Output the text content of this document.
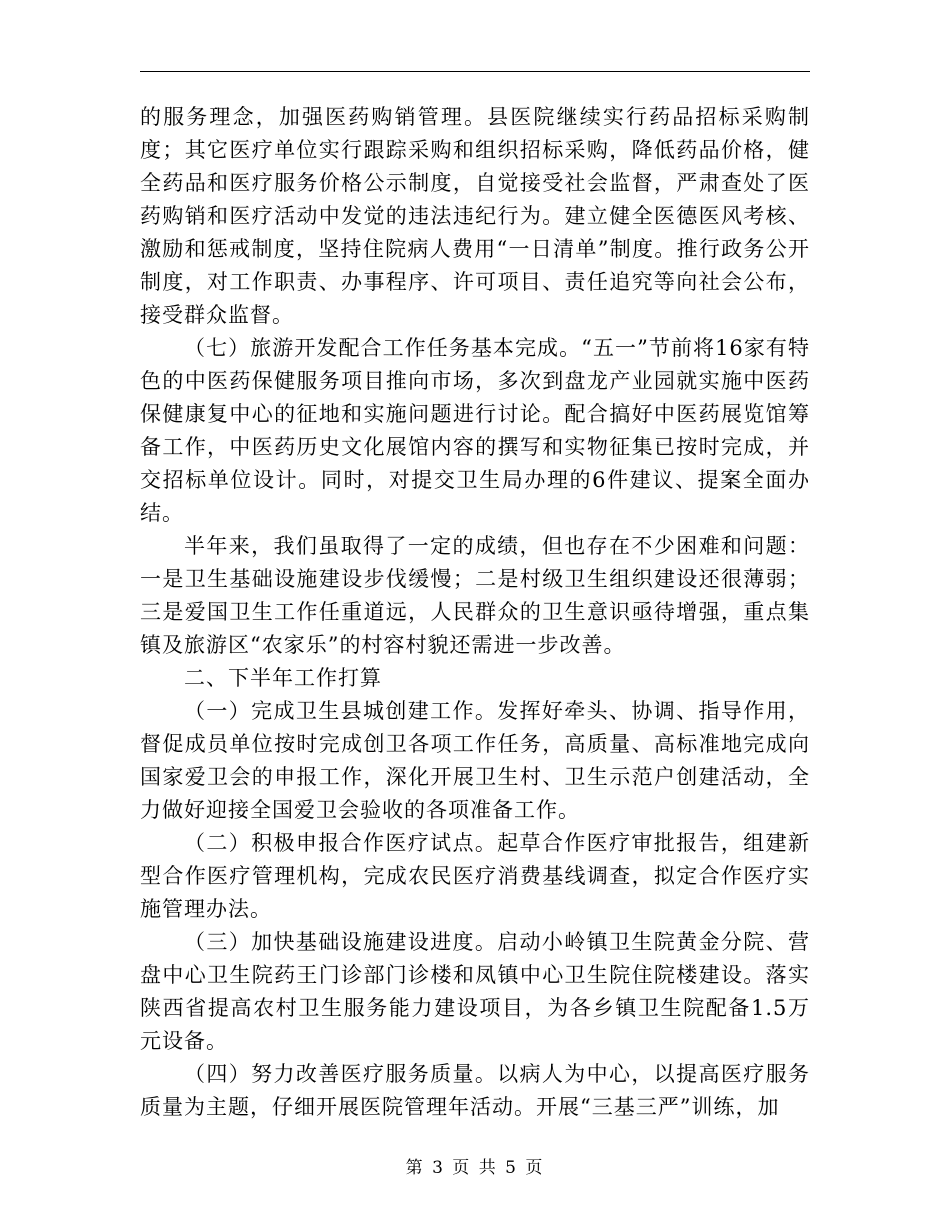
的服务理念，加强医药购销管理。县医院继续实行药品招标采购制度；其它医疗单位实行跟踪采购和组织招标采购，降低药品价格，健全药品和医疗服务价格公示制度，自觉接受社会监督，严肃查处了医药购销和医疗活动中发觉的违法违纪行为。建立健全医德医风考核、激励和惩戒制度，坚持住院病人费用“一日清单”制度。推行政务公开制度，对工作职责、办事程序、许可项目、责任追究等向社会公布，接受群众监督。

（七）旅游开发配合工作任务基本完成。“五一”节前将16家有特色的中医药保健服务项目推向市场，多次到盘龙产业园就实施中医药保健康复中心的征地和实施问题进行讨论。配合搞好中医药展览馆筹备工作，中医药历史文化展馆内容的撰写和实物征集已按时完成，并交招标单位设计。同时，对提交卫生局办理的6件建议、提案全面办结。

半年来，我们虽取得了一定的成绩，但也存在不少困难和问题：一是卫生基础设施建设步伐缓慢；二是村级卫生组织建设还很薄弱；三是爱国卫生工作任重道远，人民群众的卫生意识亟待增强，重点集镇及旅游区“农家乐”的村容村貌还需进一步改善。

二、下半年工作打算

（一）完成卫生县城创建工作。发挥好牵头、协调、指导作用，督促成员单位按时完成创卫各项工作任务，高质量、高标准地完成向国家爱卫会的申报工作，深化开展卫生村、卫生示范户创建活动，全力做好迎接全国爱卫会验收的各项准备工作。

（二）积极申报合作医疗试点。起草合作医疗审批报告，组建新型合作医疗管理机构，完成农民医疗消费基线调查，拟定合作医疗实施管理办法。

（三）加快基础设施建设进度。启动小岭镇卫生院黄金分院、营盘中心卫生院药王门诊部门诊楼和凤镇中心卫生院住院楼建设。落实陕西省提高农村卫生服务能力建设项目，为各乡镇卫生院配备1.5万元设备。

（四）努力改善医疗服务质量。以病人为中心，以提高医疗服务质量为主题，仔细开展医院管理年活动。开展“三基三严”训练，加

第 3 页 共 5 页
